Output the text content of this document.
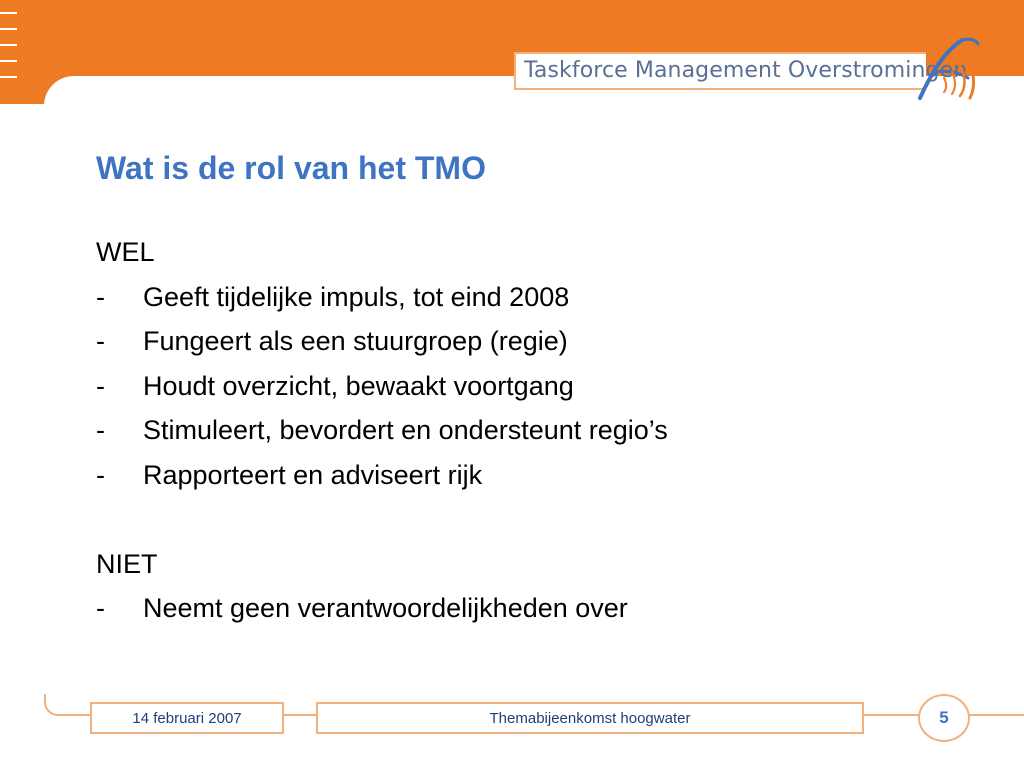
Taskforce Management Overstromingen
Wat is de rol van het TMO
WEL
-	Geeft tijdelijke impuls, tot eind 2008
-	Fungeert als een stuurgroep (regie)
-	Houdt overzicht, bewaakt voortgang
-	Stimuleert, bevordert en ondersteunt regio’s
-	Rapporteert en adviseert rijk
NIET
-	Neemt geen verantwoordelijkheden over
14 februari 2007	Themabijeenkomst hoogwater	5
